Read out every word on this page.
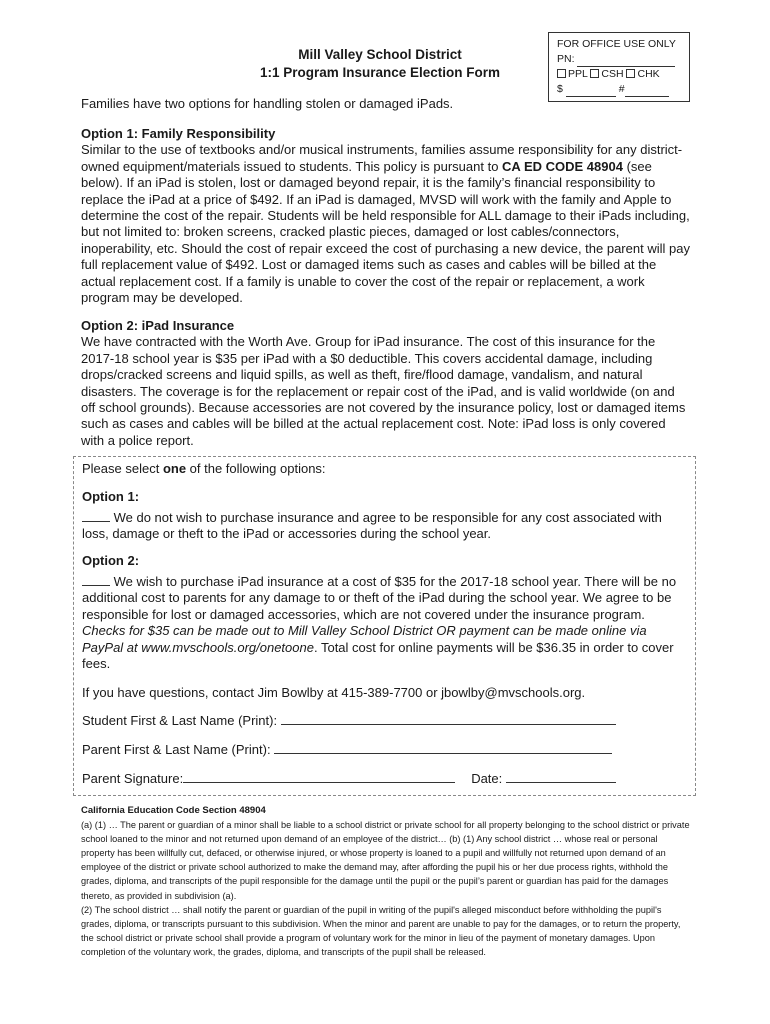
FOR OFFICE USE ONLY
PN:
PPL CSH CHK
$	#
Mill Valley School District
1:1 Program Insurance Election Form
Families have two options for handling stolen or damaged iPads.
Option 1: Family Responsibility

Similar to the use of textbooks and/or musical instruments, families assume responsibility for any district-owned equipment/materials issued to students. This policy is pursuant to CA ED CODE 48904 (see below). If an iPad is stolen, lost or damaged beyond repair, it is the family’s financial responsibility to replace the iPad at a price of $492. If an iPad is damaged, MVSD will work with the family and Apple to determine the cost of the repair. Students will be held responsible for ALL damage to their iPads including, but not limited to: broken screens, cracked plastic pieces, damaged or lost cables/connectors, inoperability, etc. Should the cost of repair exceed the cost of purchasing a new device, the parent will pay full replacement value of $492. Lost or damaged items such as cases and cables will be billed at the actual replacement cost. If a family is unable to cover the cost of the repair or replacement, a work program may be developed.

Option 2: iPad Insurance

We have contracted with the Worth Ave. Group for iPad insurance. The cost of this insurance for the 2017-18 school year is $35 per iPad with a $0 deductible. This covers accidental damage, including drops/cracked screens and liquid spills, as well as theft, fire/flood damage, vandalism, and natural disasters. The coverage is for the replacement or repair cost of the iPad, and is valid worldwide (on and off school grounds). Because accessories are not covered by the insurance policy, lost or damaged items such as cases and cables will be billed at the actual replacement cost. Note: iPad loss is only covered with a police report.

Please select one of the following options:
Option 1:
We do not wish to purchase insurance and agree to be responsible for any cost associated with loss, damage or theft to the iPad or accessories during the school year.
Option 2:
We wish to purchase iPad insurance at a cost of $35 for the 2017-18 school year. There will be no additional cost to parents for any damage to or theft of the iPad during the school year. We agree to be responsible for lost or damaged accessories, which are not covered under the insurance program. Checks for $35 can be made out to Mill Valley School District OR payment can be made online via PayPal at www.mvschools.org/onetoone. Total cost for online payments will be $36.35 in order to cover fees.
If you have questions, contact Jim Bowlby at 415-389-7700 or jbowlby@mvschools.org.
Student First & Last Name (Print):
Parent First & Last Name (Print):
Parent Signature:	Date:
California Education Code Section 48904
(a) (1) … The parent or guardian of a minor shall be liable to a school district or private school for all property belonging to the school district or private school loaned to the minor and not returned upon demand of an employee of the district… (b) (1) Any school district … whose real or personal property has been willfully cut, defaced, or otherwise injured, or whose property is loaned to a pupil and willfully not returned upon demand of an employee of the district or private school authorized to make the demand may, after affording the pupil his or her due process rights, withhold the grades, diploma, and transcripts of the pupil responsible for the damage until the pupil or the pupil’s parent or guardian has paid for the damages thereto, as provided in subdivision (a).
(2) The school district … shall notify the parent or guardian of the pupil in writing of the pupil's alleged misconduct before withholding the pupil's grades, diploma, or transcripts pursuant to this subdivision. When the minor and parent are unable to pay for the damages, or to return the property, the school district or private school shall provide a program of voluntary work for the minor in lieu of the payment of monetary damages. Upon completion of the voluntary work, the grades, diploma, and transcripts of the pupil shall be released.
